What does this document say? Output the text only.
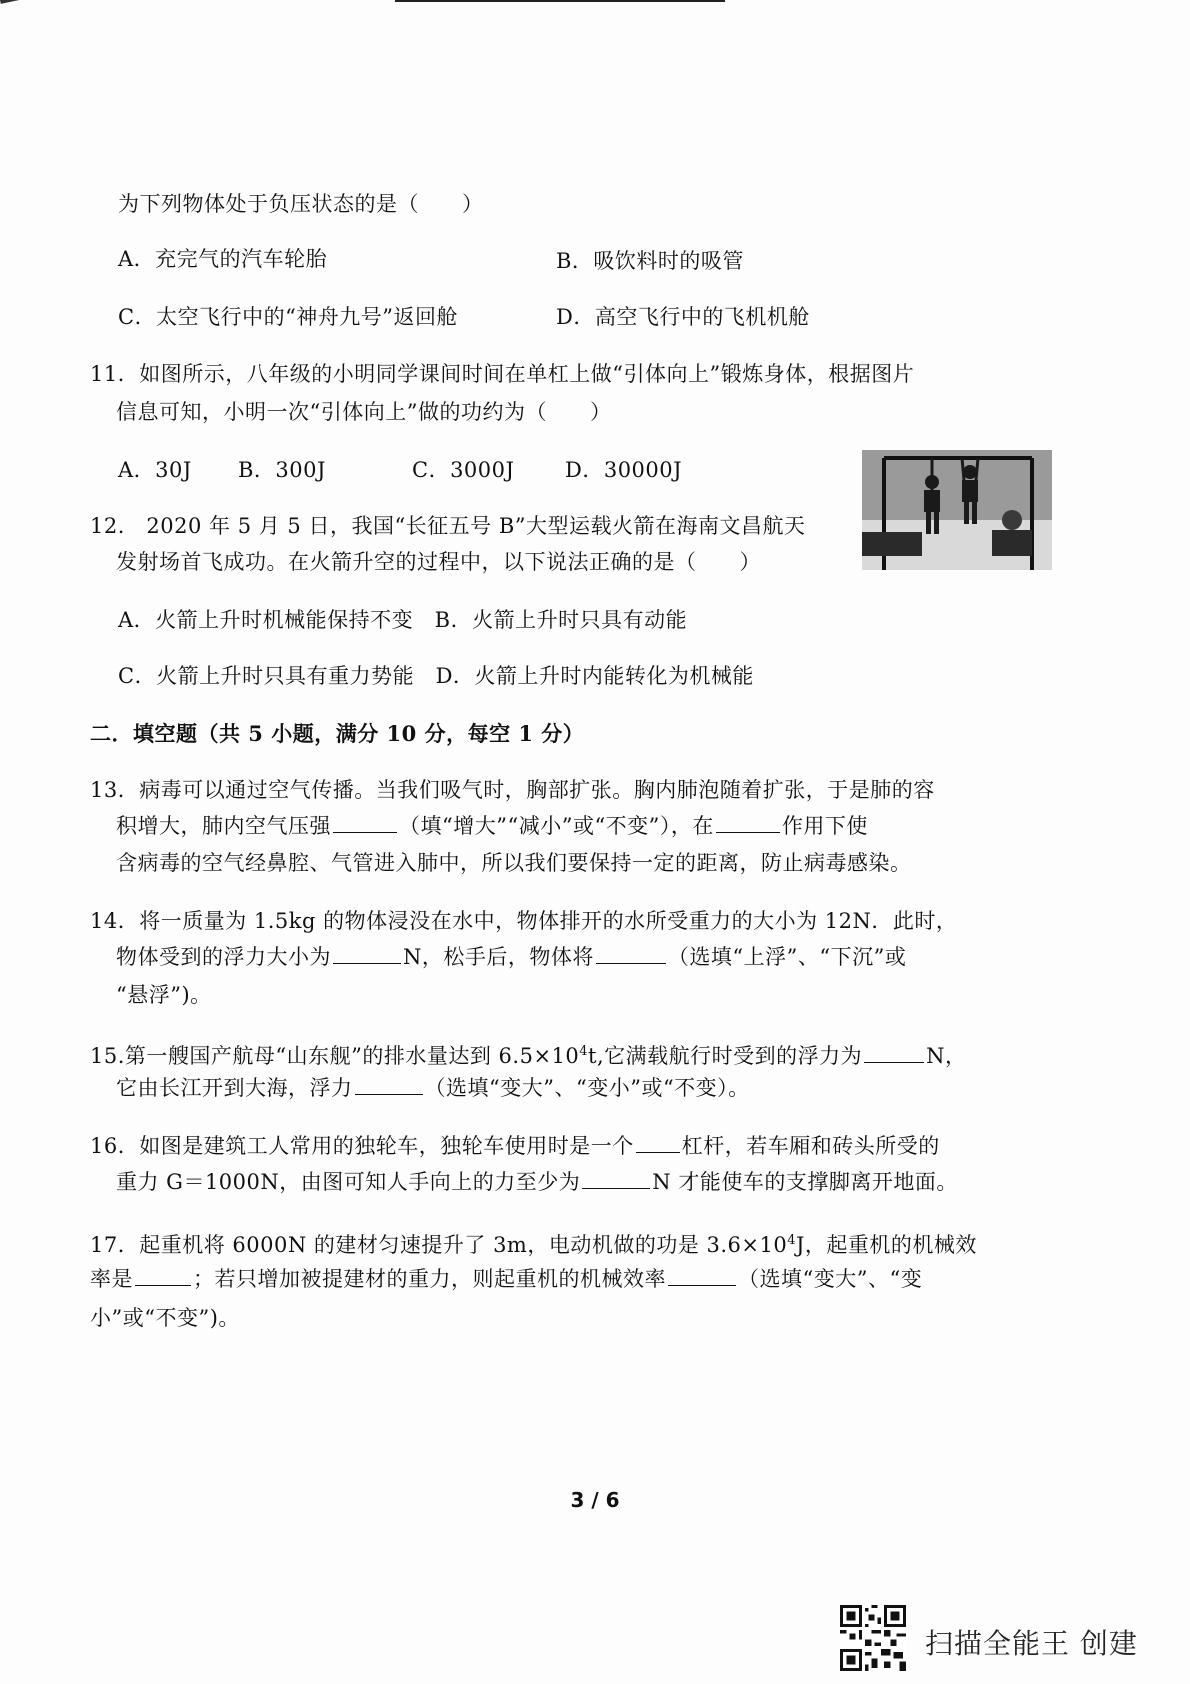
为下列物体处于负压状态的是（　　）
A．充完气的汽车轮胎	B．吸饮料时的吸管
C．太空飞行中的“神舟九号”返回舱	D．高空飞行中的飞机机舱
11．如图所示，八年级的小明同学课间时间在单杠上做“引体向上”锻炼身体，根据图片
信息可知，小明一次“引体向上”做的功约为（　　）
A．30J B．300J	C．3000J D．30000J
12.　2020 年 5 月 5 日，我国“长征五号 B”大型运载火箭在海南文昌航天
发射场首飞成功。在火箭升空的过程中，以下说法正确的是（　　）
A．火箭上升时机械能保持不变　B．火箭上升时只具有动能
C．火箭上升时只具有重力势能　D．火箭上升时内能转化为机械能
二．填空题（共 5 小题，满分 10 分，每空 1 分）
13．病毒可以通过空气传播。当我们吸气时，胸部扩张。胸内肺泡随着扩张，于是肺的容
积增大，肺内空气压强	（填“增大”“减小”或“不变”），在	作用下使
含病毒的空气经鼻腔、气管进入肺中，所以我们要保持一定的距离，防止病毒感染。
14．将一质量为 1.5kg 的物体浸没在水中，物体排开的水所受重力的大小为 12N．此时，
物体受到的浮力大小为	N，松手后，物体将	（选填“上浮”、“下沉”或
“悬浮”)。
15.第一艘国产航母“山东舰”的排水量达到 $6.5\times 10^4t$,它满载航行时受到的浮力为	N，
它由长江开到大海，浮力	（选填“变大”、“变小”或“不变）。
16．如图是建筑工人常用的独轮车，独轮车使用时是一个 杠杆，若车厢和砖头所受的
重力 G＝1000N，由图可知人手向上的力至少为	N 才能使车的支撑脚离开地面。
17．起重机将 6000N 的建材匀速提升了 3m，电动机做的功是 $3.6\times 10^4J$，起重机的机械效
率是	；若只增加被提建材的重力，则起重机的机械效率	（选填“变大”、“变
小”或“不变”)。
3 / 6
扫描全能王 创建
